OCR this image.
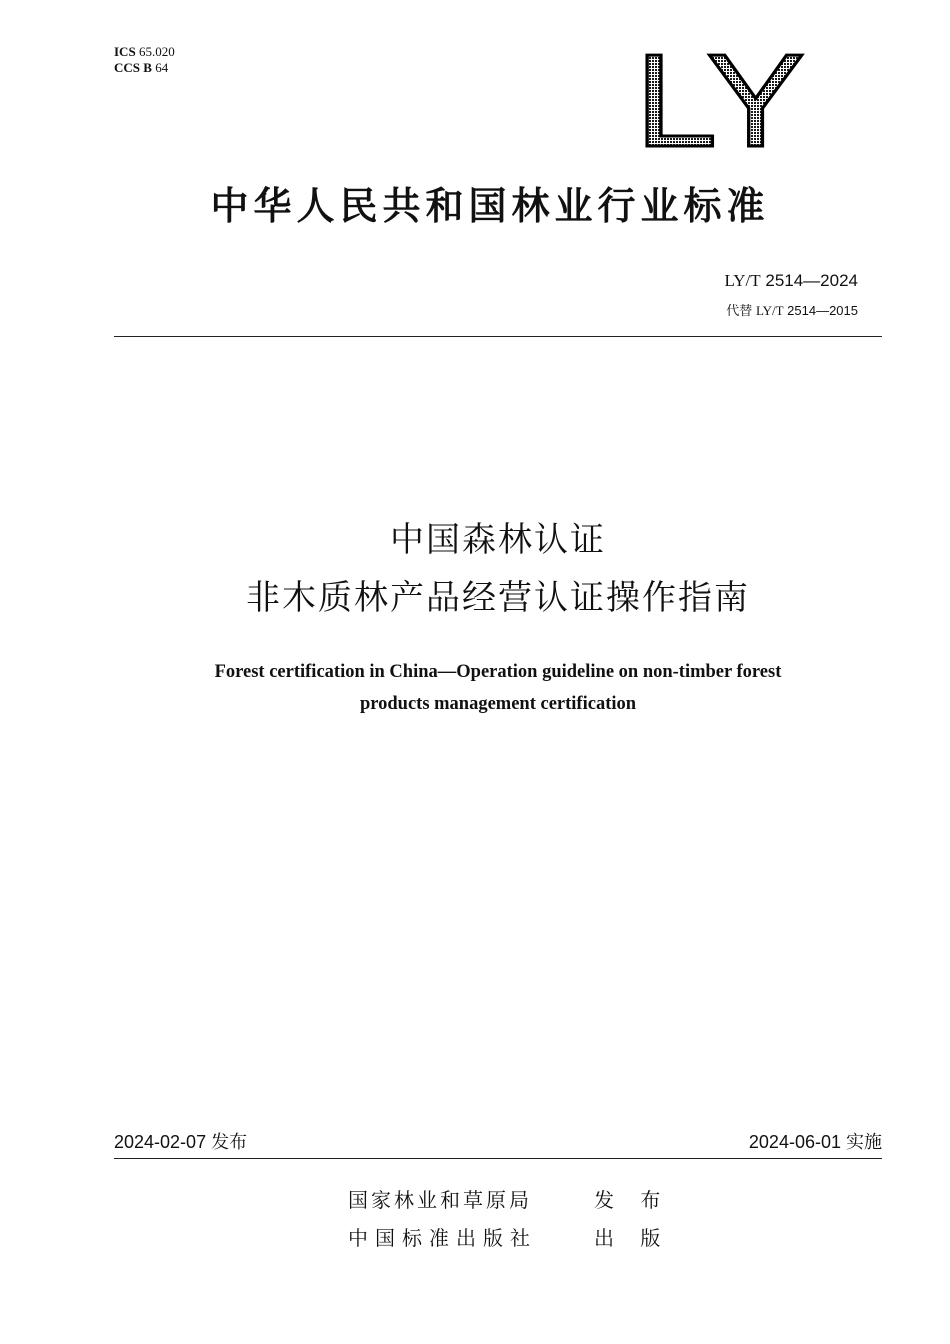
ICS 65.020
CCS B 64	LY
中华人民共和国林业行业标准
LY/T 2514—2024
代替 LY/T 2514—2015
中国森林认证
非木质林产品经营认证操作指南
Forest certification in China—Operation guideline on non-timber forest
products management certification
2024-02-07 发布	2024-06-01 实施
国家林业和草原局	发 布
中国标准出版社	出 版
